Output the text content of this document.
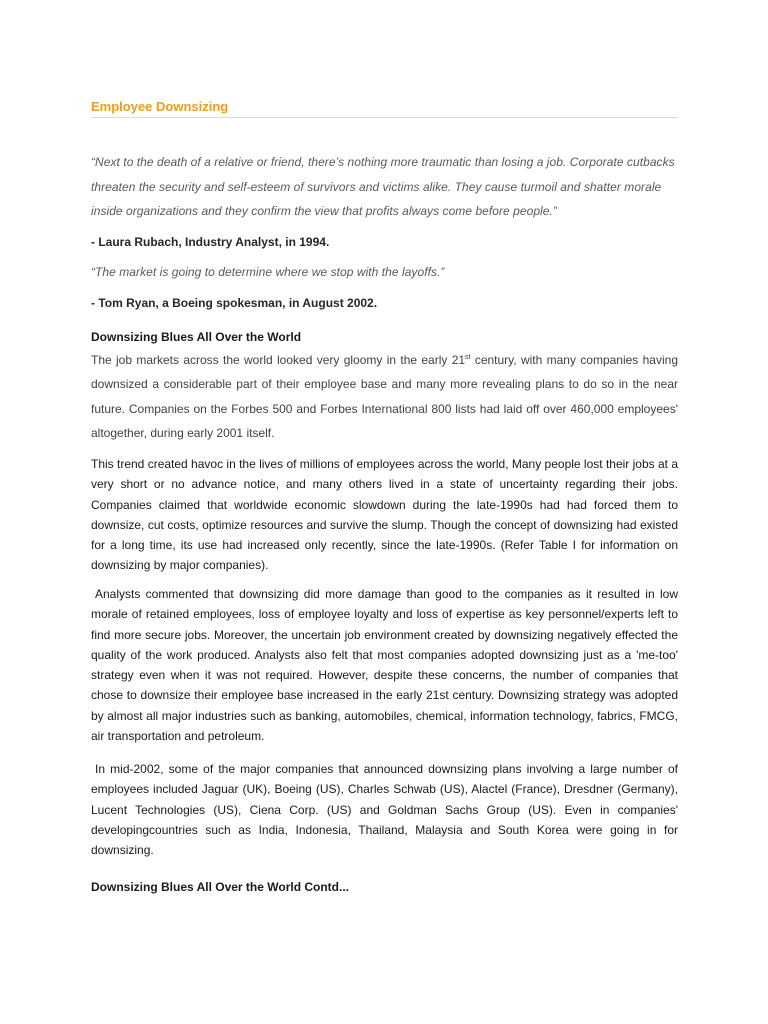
Employee Downsizing

“Next to the death of a relative or friend, there’s nothing more traumatic than losing a job. Corporate cutbacks threaten the security and self-esteem of survivors and victims alike. They cause turmoil and shatter morale inside organizations and they confirm the view that profits always come before people.”

- Laura Rubach, Industry Analyst, in 1994.

“The market is going to determine where we stop with the layoffs.”

- Tom Ryan, a Boeing spokesman, in August 2002.

Downsizing Blues All Over the World

The job markets across the world looked very gloomy in the early 21st century, with many companies having downsized a considerable part of their employee base and many more revealing plans to do so in the near future. Companies on the Forbes 500 and Forbes International 800 lists had laid off over 460,000 employees' altogether, during early 2001 itself.

This trend created havoc in the lives of millions of employees across the world, Many people lost their jobs at a very short or no advance notice, and many others lived in a state of uncertainty regarding their jobs. Companies claimed that worldwide economic slowdown during the late-1990s had had forced them to downsize, cut costs, optimize resources and survive the slump. Though the concept of downsizing had existed for a long time, its use had increased only recently, since the late-1990s. (Refer Table I for information on downsizing by major companies).

Analysts commented that downsizing did more damage than good to the companies as it resulted in low morale of retained employees, loss of employee loyalty and loss of expertise as key personnel/experts left to find more secure jobs. Moreover, the uncertain job environment created by downsizing negatively effected the quality of the work produced. Analysts also felt that most companies adopted downsizing just as a 'me-too' strategy even when it was not required. However, despite these concerns, the number of companies that chose to downsize their employee base increased in the early 21st century. Downsizing strategy was adopted by almost all major industries such as banking, automobiles, chemical, information technology, fabrics, FMCG, air transportation and petroleum.

In mid-2002, some of the major companies that announced downsizing plans involving a large number of employees included Jaguar (UK), Boeing (US), Charles Schwab (US), Alactel (France), Dresdner (Germany), Lucent Technologies (US), Ciena Corp. (US) and Goldman Sachs Group (US). Even in companies' developingcountries such as India, Indonesia, Thailand, Malaysia and South Korea were going in for downsizing.

Downsizing Blues All Over the World Contd...
